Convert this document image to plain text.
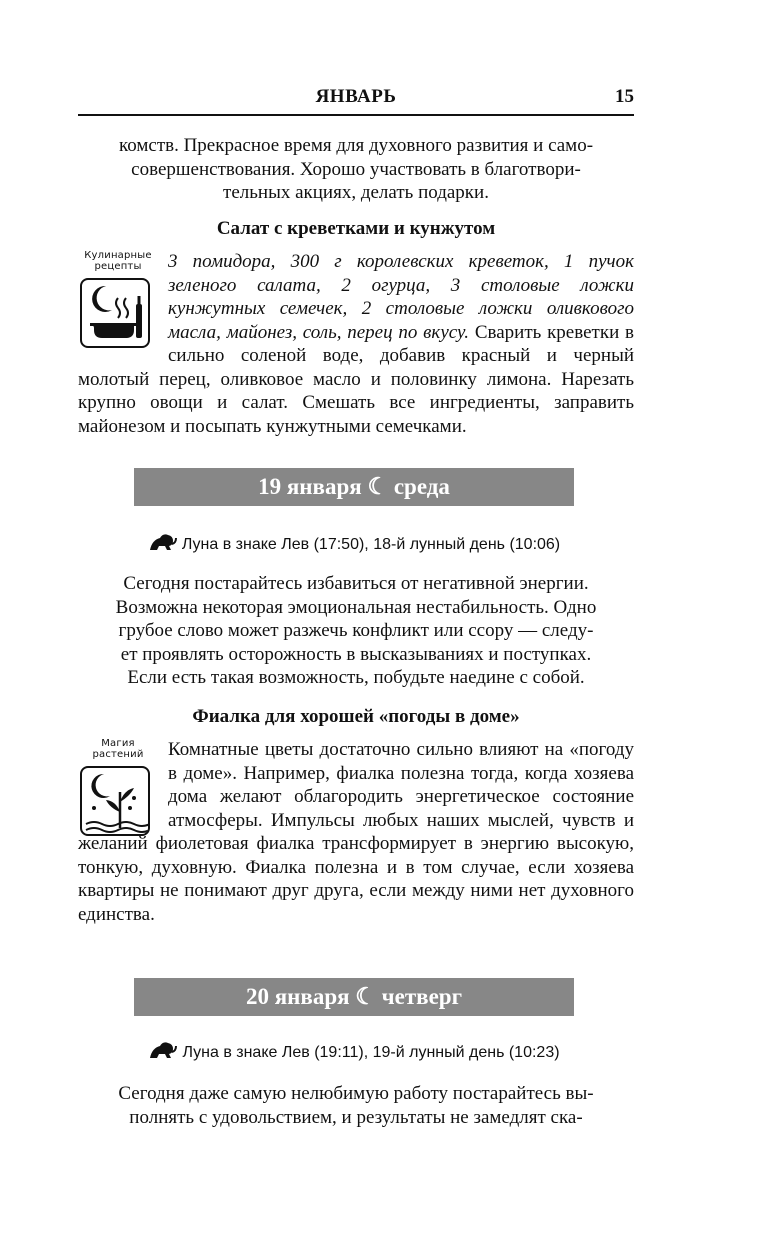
ЯНВАРЬ	15
комств. Прекрасное время для духовного развития и само-
совершенствования. Хорошо участвовать в благотвори-
тельных акциях, делать подарки.
Салат с креветками и кунжутом
Кулинарные
рецепты	3 помидора, 300 г королевских креветок, 1 пучок зеленого салата, 2 огурца, 3 столовые ложки кунжутных семечек, 2 столовые ложки оливкового масла, майонез, соль, перец по вкусу. Сварить креветки в сильно соленой воде, добавив красный и черный молотый перец, оливковое масло и половинку лимона. Нарезать крупно овощи и салат. Смешать все ингредиенты, заправить майонезом и посыпать кунжутными семечками.
19 января ☾ среда
Луна в знаке Лев (17:50), 18-й лунный день (10:06)
Сегодня постарайтесь избавиться от негативной энергии.
Возможна некоторая эмоциональная нестабильность. Одно
грубое слово может разжечь конфликт или ссору — следу-
ет проявлять осторожность в высказываниях и поступках.
Если есть такая возможность, побудьте наедине с собой.
Фиалка для хорошей «погоды в доме»
Магия
растений	Комнатные цветы достаточно сильно влияют на «погоду в доме». Например, фиалка полезна тогда, когда хозяева дома желают облагородить энергетическое состояние атмосферы. Импульсы любых наших мыслей, чувств и желаний фиолетовая фиалка трансформирует в энергию высокую, тонкую, духовную. Фиалка полезна и в том случае, если хозяева квартиры не понимают друг друга, если между ними нет духовного единства.
20 января ☾ четверг
Луна в знаке Лев (19:11), 19-й лунный день (10:23)
Сегодня даже самую нелюбимую работу постарайтесь вы-
полнять с удовольствием, и результаты не замедлят ска-
